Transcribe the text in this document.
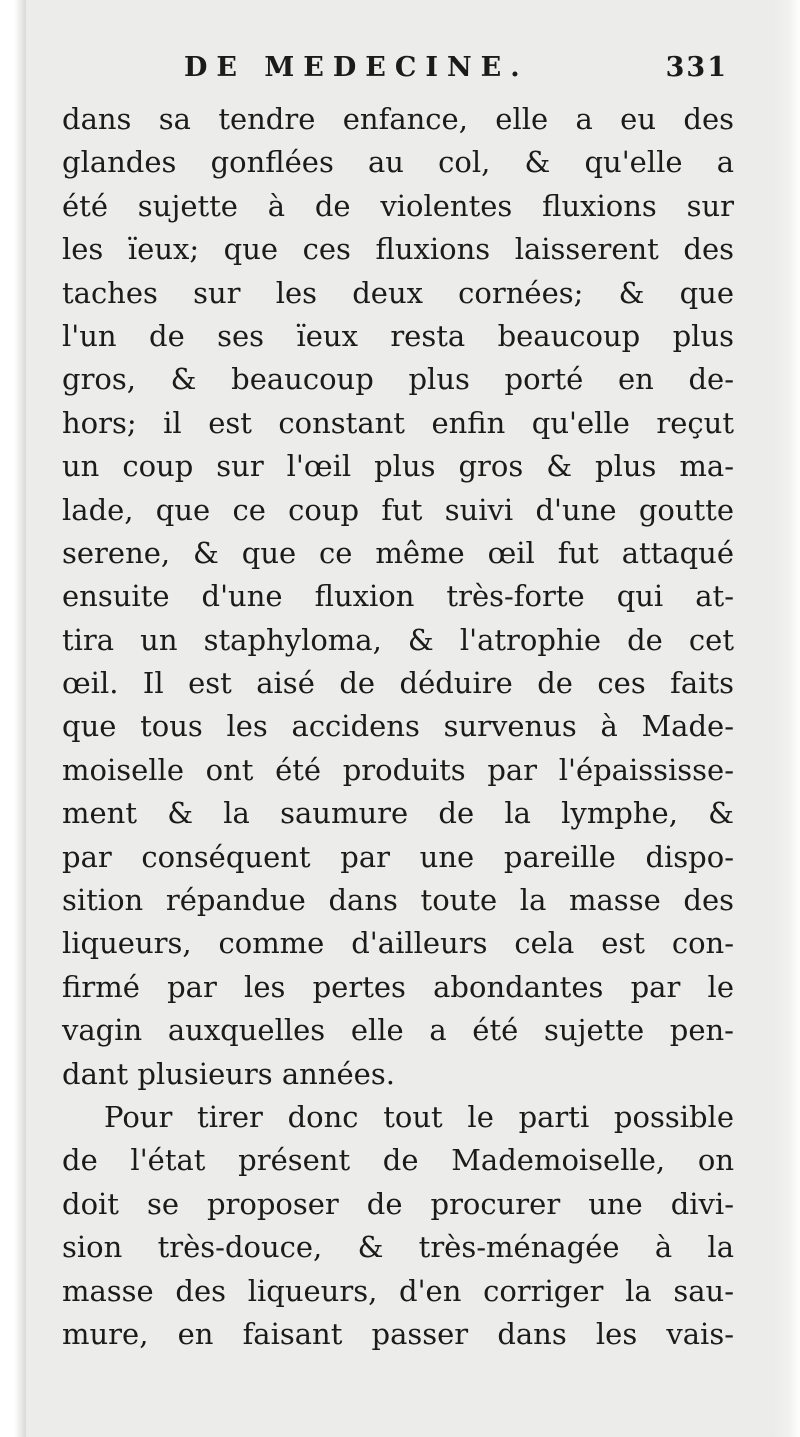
DE MEDECINE.	331
dans sa tendre enfance, elle a eu des
glandes gonflées au col, & qu'elle a
été sujette à de violentes fluxions sur
les ïeux; que ces fluxions laisserent des
taches sur les deux cornées; & que
l'un de ses ïeux resta beaucoup plus
gros, & beaucoup plus porté en de-
hors; il est constant enfin qu'elle reçut
un coup sur l'œil plus gros & plus ma-
lade, que ce coup fut suivi d'une goutte
serene, & que ce même œil fut attaqué
ensuite d'une fluxion très-forte qui at-
tira un staphyloma, & l'atrophie de cet
œil. Il est aisé de déduire de ces faits
que tous les accidens survenus à Made-
moiselle ont été produits par l'épaississe-
ment & la saumure de la lymphe, &
par conséquent par une pareille dispo-
sition répandue dans toute la masse des
liqueurs, comme d'ailleurs cela est con-
firmé par les pertes abondantes par le
vagin auxquelles elle a été sujette pen-
dant plusieurs années.
Pour tirer donc tout le parti possible
de l'état présent de Mademoiselle, on
doit se proposer de procurer une divi-
sion très-douce, & très-ménagée à la
masse des liqueurs, d'en corriger la sau-
mure, en faisant passer dans les vais-
